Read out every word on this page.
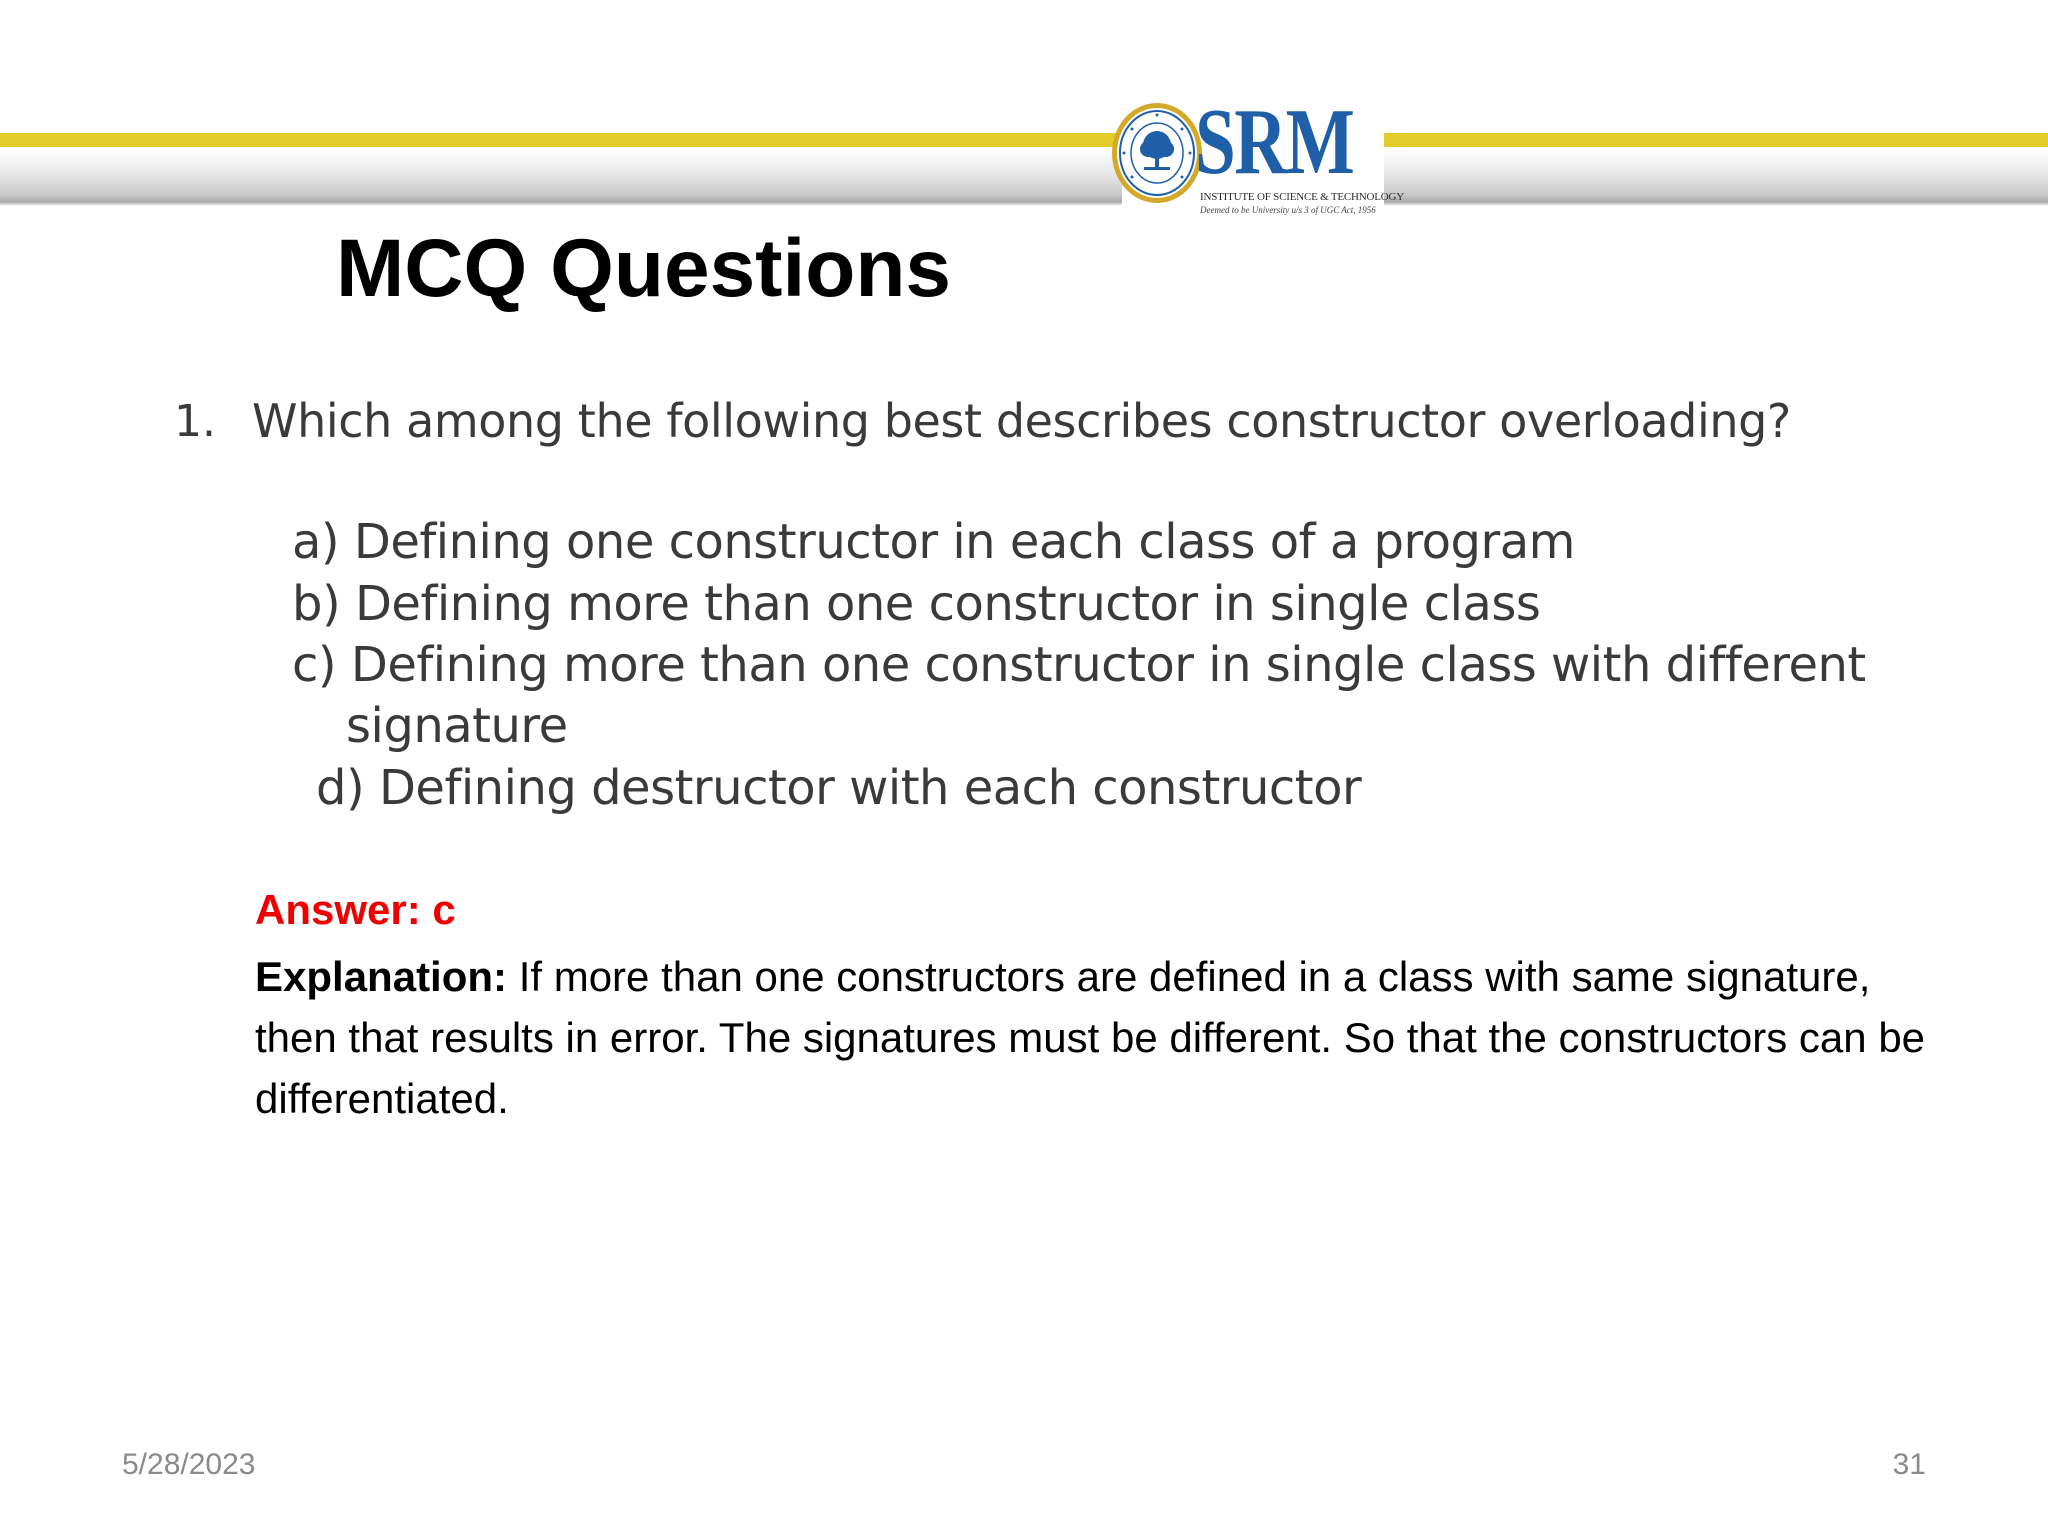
SRM
INSTITUTE OF SCIENCE & TECHNOLOGY
Deemed to be University u/s 3 of UGC Act, 1956
MCQ Questions
1. Which among the following best describes constructor overloading?
a) Defining one constructor in each class of a program
b) Defining more than one constructor in single class
c) Defining more than one constructor in single class with different
signature
d) Defining destructor with each constructor
Answer: c
Explanation: If more than one constructors are defined in a class with same signature, then that results in error. The signatures must be different. So that the constructors can be differentiated.
5/28/2023	31
